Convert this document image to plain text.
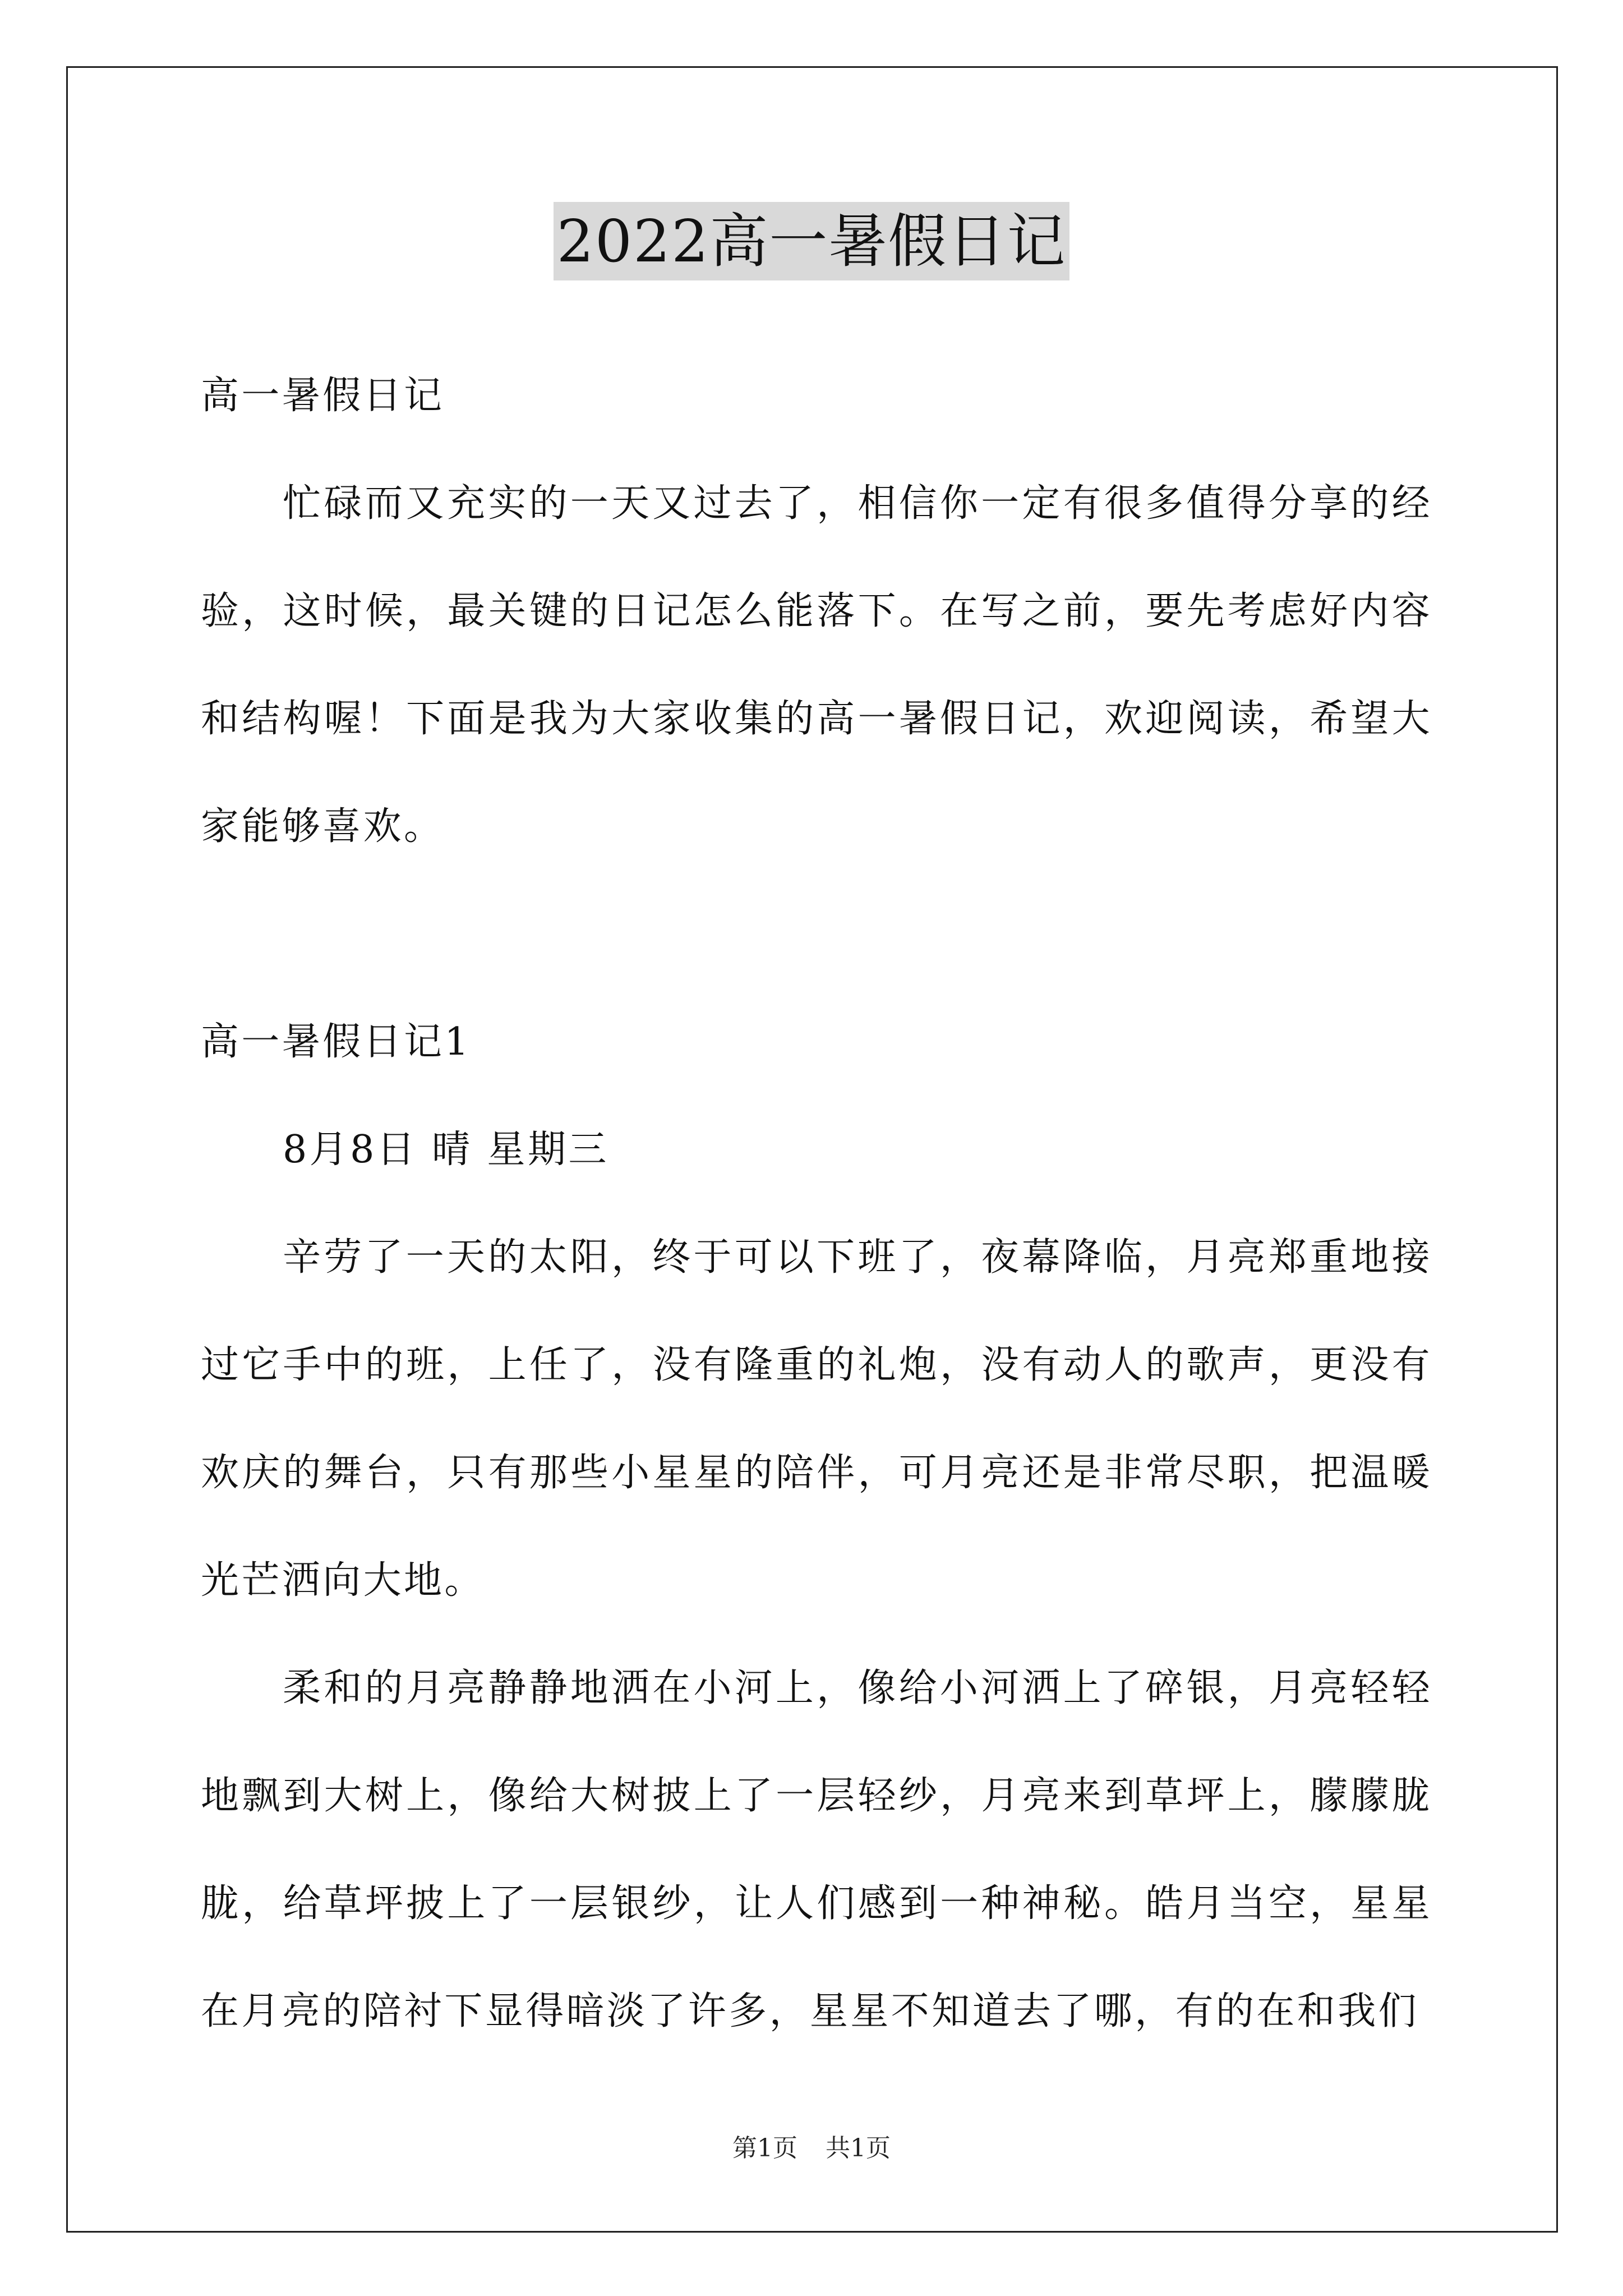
2022高一暑假日记

高一暑假日记

忙碌而又充实的一天又过去了，相信你一定有很多值得分享的经验，这时候，最关键的日记怎么能落下。在写之前，要先考虑好内容和结构喔！下面是我为大家收集的高一暑假日记，欢迎阅读，希望大家能够喜欢。

高一暑假日记1

8月8日 晴 星期三

辛劳了一天的太阳，终于可以下班了，夜幕降临，月亮郑重地接过它手中的班，上任了，没有隆重的礼炮，没有动人的歌声，更没有欢庆的舞台，只有那些小星星的陪伴，可月亮还是非常尽职，把温暖光芒洒向大地。

柔和的月亮静静地洒在小河上，像给小河洒上了碎银，月亮轻轻地飘到大树上，像给大树披上了一层轻纱，月亮来到草坪上，朦朦胧胧，给草坪披上了一层银纱，让人们感到一种神秘。皓月当空，星星在月亮的陪衬下显得暗淡了许多，星星不知道去了哪，有的在和我们

第1页 共1页
